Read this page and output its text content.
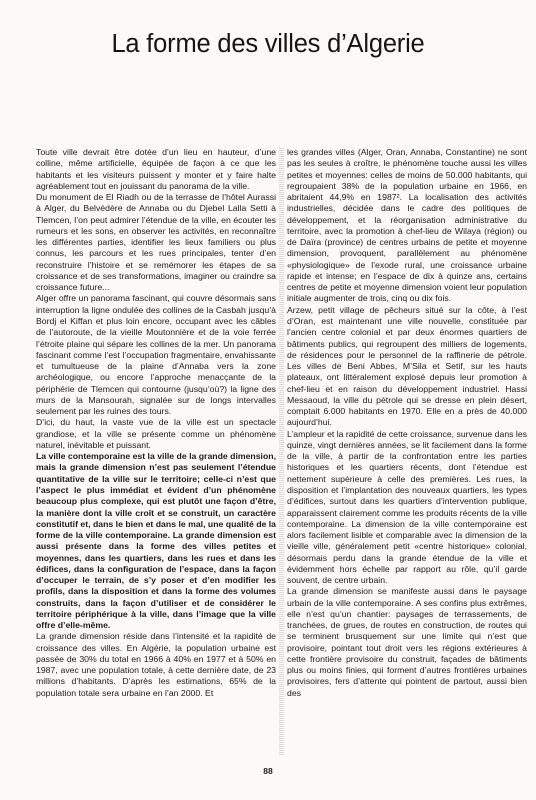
La forme des villes d’Algerie

Toute ville devrait être dotée d’un lieu en hauteur, d’une colline, même artificielle, équipée de façon à ce que les habitants et les visiteurs puissent y monter et y faire halte agréablement tout en jouissant du panorama de la ville.

Du monument de El Riadh ou de la terrasse de l’hôtel Aurassi à Alger, du Belvédère de Annaba ou du Djebel Lalla Setti à Tlemcen, l’on peut admirer l’étendue de la ville, en écouter les rumeurs et les sons, en observer les activités, en reconnaître les différentes parties, identifier les lieux familiers ou plus connus, les parcours et les rues principales, tenter d’en reconstruire l’histoire et se remémorer les étapes de sa croissance et de ses transformations, imaginer ou craindre sa croissance future...

Alger offre un panorama fascinant, qui couvre désormais sans interruption la ligne ondulée des collines de la Casbah jusqu’à Bordj el Kiffan et plus loin encore, occupant avec les câbles de l’autoroute, de la vieille Moutonnière et de la voie ferrée l’étroite plaine qui sépare les collines de la mer. Un panorama fascinant comme l’est l’occupation fragmentaire, envahissante et tumultueuse de la plaine d’Annaba vers la zone archéologique, ou encore l’approche menacçante de la périphérie de Tlemcen qui contourne (jusqu’où?) la ligne des murs de la Mansourah, signalée sur de longs intervalles seulement par les ruines des tours.

D’ici, du haut, la vaste vue de la ville est un spectacle grandiose, et la ville se présente comme un phénomène naturel, inévitable et puissant.

La ville contemporaine est la ville de la grande dimension, mais la grande dimension n’est pas seulement l’étendue quantitative de la ville sur le territoire; celle-ci n’est que l’aspect le plus immédiat et évident d’un phénomène beaucoup plus complexe, qui est plutôt une façon d’être, la manière dont la ville croît et se construit, un caractère constitutif et, dans le bien et dans le mal, une qualité de la forme de la ville contemporaine. La grande dimension est aussi présente dans la forme des villes petites et moyennes, dans les quartiers, dans les rues et dans les édifices, dans la configuration de l’espace, dans la façon d’occuper le terrain, de s’y poser et d’en modifier les profils, dans la disposition et dans la forme des volumes construits, dans la façon d’utiliser et de considérer le territoire périphérique à la ville, dans l’image que la ville offre d’elle-même.

La grande dimension réside dans l’intensité et la rapidité de croissance des villes. En Algérie, la population urbaine est passée de 30% du total en 1966 à 40% en 1977 et à 50% en 1987, avec une population totale, à cette dernière date, de 23 millions d’habitants. D’après les estimations, 65% de la population totale sera urbaine en l’an 2000. Et

les grandes villes (Alger, Oran, Annaba, Constantine) ne sont pas les seules à croître, le phénomène touche aussi les villes petites et moyennes: celles de moins de 50.000 habitants, qui regroupaient 38% de la population urbaine en 1966, en abritaient 44,9% en 1987². La localisation des activités industrielles, décidée dans le cadre des politiques de développement, et la réorganisation administrative du territoire, avec la promotion à chef-lieu de Wilaya (région) ou de Daïra (province) de centres urbains de petite et moyenne dimension, provoquent, parallèlement au phénomène «physiologique» de l’exode rural, une croissance urbaine rapide et intense; en l’espace de dix à quinze ans, certains centres de petite et moyenne dimension voient leur population initiale augmenter de trois, cinq ou dix fois.

Arzew, petit village de pêcheurs situé sur la côte, à l’est d’Oran, est maintenant une ville nouvelle, constituée par l’ancien centre colonial et par deux énormes quartiers de bâtiments publics, qui regroupent des milliers de logements, de résidences pour le personnel de la raffinerie de pétrole. Les villes de Beni Abbes, M’Sila et Setif, sur les hauts plateaux, ont littéralement explosé depuis leur promotion à chef-lieu et en raison du développement industriel. Hassi Messaoud, la ville du pétrole qui se dresse en plein désert, comptait 6.000 habitants en 1970. Elle en a près de 40.000 aujourd’hui.

L’ampleur et la rapidité de cette croissance, survenue dans les quinze, vingt dernières années, se lit facilement dans la forme de la ville, à partir de la confrontation entre les parties historiques et les quartiers récents, dont l’étendue est nettement supérieure à celle des premières. Les rues, la disposition et l’implantation des nouveaux quartiers, les types d’édifices, surtout dans les quartiers d’intervention publique, apparaissent clairement comme les produits récents de la ville contemporaine. La dimension de la ville contemporaine est alors facilement lisible et comparable avec la dimension de la vieille ville, généralement petit «centre historique» colonial, désormais perdu dans la grande étendue de la ville et évidemment hors échelle par rapport au rôle, qu’il garde souvent, de centre urbain.

La grande dimension se manifeste aussi dans le paysage urbain de la ville contemporaine. A ses confins plus extrêmes, elle n’est qu’un chantier: paysages de terrassements, de tranchées, de grues, de routes en construction, de routes qui se terminent brusquement sur une limite qui n’est que provisoire, pointant tout droit vers les régions extérieures à cette frontière provisoire du construit, façades de bâtiments plus ou moins finies, qui forment d’autres frontières urbaines provisoires, fers d’attente qui pointent de partout, aussi bien des

88
